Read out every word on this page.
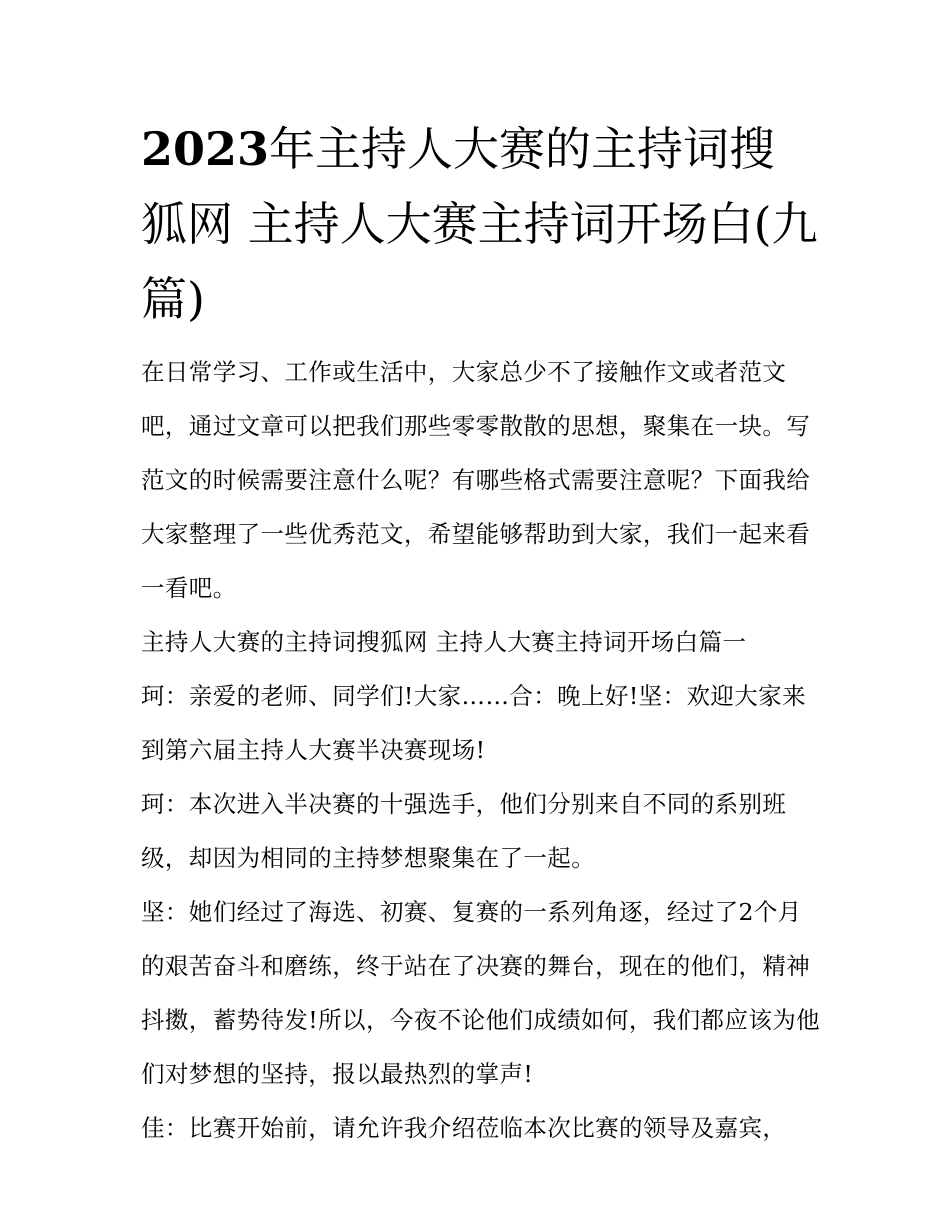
2023年主持人大赛的主持词搜狐网 主持人大赛主持词开场白(九篇)

在日常学习、工作或生活中，大家总少不了接触作文或者范文吧，通过文章可以把我们那些零零散散的思想，聚集在一块。写范文的时候需要注意什么呢？有哪些格式需要注意呢？下面我给大家整理了一些优秀范文，希望能够帮助到大家，我们一起来看一看吧。

主持人大赛的主持词搜狐网 主持人大赛主持词开场白篇一

珂：亲爱的老师、同学们!大家……合：晚上好!坚：欢迎大家来到第六届主持人大赛半决赛现场!

珂：本次进入半决赛的十强选手，他们分别来自不同的系别班级，却因为相同的主持梦想聚集在了一起。

坚：她们经过了海选、初赛、复赛的一系列角逐，经过了2个月的艰苦奋斗和磨练，终于站在了决赛的舞台，现在的他们，精神抖擞，蓄势待发!所以，今夜不论他们成绩如何，我们都应该为他们对梦想的坚持，报以最热烈的掌声!

佳：比赛开始前，请允许我介绍莅临本次比赛的领导及嘉宾，
